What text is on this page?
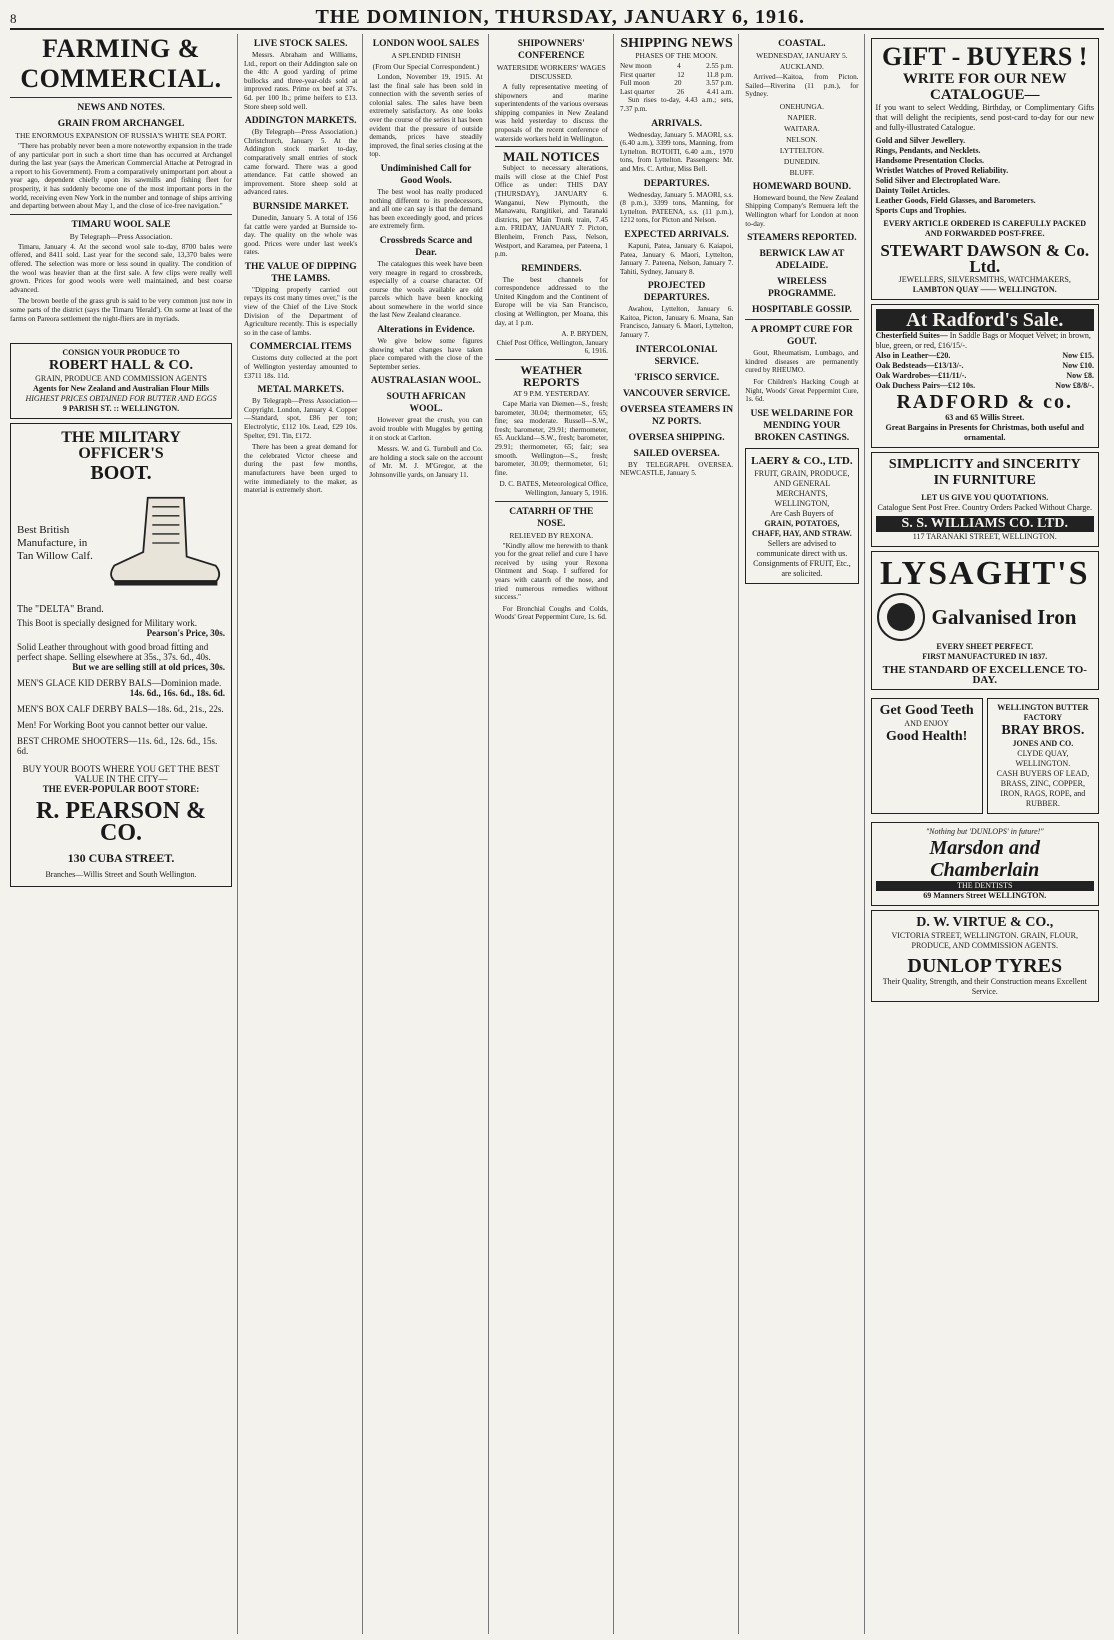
8	THE DOMINION, THURSDAY, JANUARY 6, 1916.
FARMING & COMMERCIAL.
NEWS AND NOTES.
GRAIN FROM ARCHANGEL
THE ENORMOUS EXPANSION OF RUSSIA'S WHITE SEA PORT.

"There has probably never been a more noteworthy expansion in the trade of any particular port in such a short time than has occurred at Archangel during the last year (says the American Commercial Attache at Petrograd in a report to his Government). From a comparatively unimportant port about a year ago, dependent chiefly upon its sawmills and fishing fleet for prosperity, it has suddenly become one of the most important ports in the world, receiving even New York in the number and tonnage of ships arriving and departing between about May 1, and the close of ice-free navigation."

TIMARU WOOL SALE
By Telegraph—Press Association.

Timaru, January 4. At the second wool sale to-day, 8700 bales were offered, and 8411 sold. Last year for the second sale, 13,370 bales were offered. The selection was more or less sound in quality. The condition of the wool was heavier than at the first sale. A few clips were really well grown. Prices for good wools were well maintained, and best coarse advanced.

The brown beetle of the grass grub is said to be very common just now in some parts of the district (says the Timaru 'Herald'). On some at least of the farms on Pareora settlement the night-fliers are in myriads.

CONSIGN YOUR PRODUCE TO
ROBERT HALL & CO.
GRAIN, PRODUCE AND COMMISSION AGENTS
Agents for New Zealand and Australian Flour Mills
HIGHEST PRICES OBTAINED FOR BUTTER AND EGGS
9 PARISH ST. :: WELLINGTON.
THE MILITARY OFFICER'S
BOOT.
Best British Manufacture, in Tan Willow Calf.
The "DELTA" Brand.
This Boot is specially designed for Military work.
Pearson's Price, 30s.
Solid Leather throughout with good broad fitting and perfect shape. Selling elsewhere at 35s., 37s. 6d., 40s.
But we are selling still at old prices, 30s.
MEN'S GLACE KID DERBY BALS—Dominion made.
14s. 6d., 16s. 6d., 18s. 6d.
MEN'S BOX CALF DERBY BALS—18s. 6d., 21s., 22s.
Men! For Working Boot you cannot better our value.
BEST CHROME SHOOTERS—11s. 6d., 12s. 6d., 15s. 6d.
BUY YOUR BOOTS WHERE YOU GET THE BEST VALUE IN THE CITY—
THE EVER-POPULAR BOOT STORE:
R. PEARSON & CO.
130 CUBA STREET.
Branches—Willis Street and South Wellington.
LIVE STOCK SALES.

Messrs. Abraham and Williams, Ltd., report on their Addington sale on the 4th: A good yarding of prime bullocks and three-year-olds sold at improved rates. Prime ox beef at 37s. 6d. per 100 lb.; prime heifers to £13. Store sheep sold well.

ADDINGTON MARKETS.

(By Telegraph—Press Association.) Christchurch, January 5. At the Addington stock market to-day, comparatively small entries of stock came forward. There was a good attendance. Fat cattle showed an improvement. Store sheep sold at advanced rates.

BURNSIDE MARKET.

Dunedin, January 5. A total of 156 fat cattle were yarded at Burnside to-day. The quality on the whole was good. Prices were under last week's rates.

THE VALUE OF DIPPING THE LAMBS.

"Dipping properly carried out repays its cost many times over," is the view of the Chief of the Live Stock Division of the Department of Agriculture recently. This is especially so in the case of lambs.

COMMERCIAL ITEMS

Customs duty collected at the port of Wellington yesterday amounted to £3711 18s. 11d.

METAL MARKETS.

By Telegraph—Press Association—Copyright. London, January 4. Copper—Standard, spot, £86 per ton; Electrolytic, £112 10s. Lead, £29 10s. Spelter, £91. Tin, £172.

There has been a great demand for the celebrated Victor cheese and during the past few months, manufacturers have been urged to write immediately to the maker, as material is extremely short.

LONDON WOOL SALES
A SPLENDID FINISH
(From Our Special Correspondent.)

London, November 19, 1915. At last the final sale has been sold in connection with the seventh series of colonial sales. The sales have been extremely satisfactory. As one looks over the course of the series it has been evident that the pressure of outside demands, prices have steadily improved, the final series closing at the top.

Undiminished Call for Good Wools.

The best wool has really produced nothing different to its predecessors, and all one can say is that the demand has been exceedingly good, and prices are extremely firm.

Crossbreds Scarce and Dear.

The catalogues this week have been very meagre in regard to crossbreds, especially of a coarse character. Of course the wools available are old parcels which have been knocking about somewhere in the world since the last New Zealand clearance.

Alterations in Evidence.

We give below some figures showing what changes have taken place compared with the close of the September series.

AUSTRALASIAN WOOL.
SOUTH AFRICAN WOOL.

However great the crush, you can avoid trouble with Muggles by getting it on stock at Carlton.

Messrs. W. and G. Turnbull and Co. are holding a stock sale on the account of Mr. M. J. M'Gregor, at the Johnsonville yards, on January 11.

SHIPOWNERS' CONFERENCE
WATERSIDE WORKERS' WAGES DISCUSSED.

A fully representative meeting of shipowners and marine superintendents of the various overseas shipping companies in New Zealand was held yesterday to discuss the proposals of the recent conference of waterside workers held in Wellington.

MAIL NOTICES

Subject to necessary alterations, mails will close at the Chief Post Office as under: THIS DAY (THURSDAY), JANUARY 6. Wanganui, New Plymouth, the Manawatu, Rangitikei, and Taranaki districts, per Main Trunk train, 7.45 a.m. FRIDAY, JANUARY 7. Picton, Blenheim, French Pass, Nelson, Westport, and Karamea, per Pateena, 1 p.m.

REMINDERS.

The best channels for correspondence addressed to the United Kingdom and the Continent of Europe will be via San Francisco, closing at Wellington, per Moana, this day, at 1 p.m.

A. P. BRYDEN,
Chief Post Office, Wellington, January 6, 1916.
WEATHER REPORTS
AT 9 P.M. YESTERDAY.

Cape Maria van Diemen—S., fresh; barometer, 30.04; thermometer, 65; fine; sea moderate. Russell—S.W., fresh; barometer, 29.91; thermometer, 65. Auckland—S.W., fresh; barometer, 29.91; thermometer, 65; fair; sea smooth. Wellington—S., fresh; barometer, 30.09; thermometer, 61; fine.

D. C. BATES, Meteorological Office, Wellington, January 5, 1916.
CATARRH OF THE NOSE.
RELIEVED BY REXONA.

"Kindly allow me herewith to thank you for the great relief and cure I have received by using your Rexona Ointment and Soap. I suffered for years with catarrh of the nose, and tried numerous remedies without success."

For Bronchial Coughs and Colds, Woods' Great Peppermint Cure, 1s. 6d.

SHIPPING NEWS
PHASES OF THE MOON.
New moon	4	2.55 p.m.
First quarter	12	11.8 p.m.
Full moon	20	3.57 p.m.
Last quarter	26	4.41 a.m.

Sun rises to-day, 4.43 a.m.; sets, 7.37 p.m.

ARRIVALS.

Wednesday, January 5. MAORI, s.s. (6.40 a.m.), 3399 tons, Manning, from Lyttelton. ROTOITI, 6.40 a.m., 1970 tons, from Lyttelton. Passengers: Mr. and Mrs. C. Arthur, Miss Bell.

DEPARTURES.

Wednesday, January 5. MAORI, s.s. (8 p.m.), 3399 tons, Manning, for Lyttelton. PATEENA, s.s. (11 p.m.), 1212 tons, for Picton and Nelson.

EXPECTED ARRIVALS.

Kapuni, Patea, January 6. Kaiapoi, Patea, January 6. Maori, Lyttelton, January 7. Pateena, Nelson, January 7. Tahiti, Sydney, January 8.

PROJECTED DEPARTURES.

Awahou, Lyttelton, January 6. Kaitoa, Picton, January 6. Moana, San Francisco, January 6. Maori, Lyttelton, January 7.

INTERCOLONIAL SERVICE.
'FRISCO SERVICE.
VANCOUVER SERVICE.
OVERSEA STEAMERS IN NZ PORTS.
OVERSEA SHIPPING.
SAILED OVERSEA.

BY TELEGRAPH. OVERSEA. NEWCASTLE, January 5.

COASTAL.
WEDNESDAY, JANUARY 5.
AUCKLAND.

Arrived—Kaitoa, from Picton. Sailed—Riverina (11 p.m.), for Sydney.

ONEHUNGA.
NAPIER.
WAITARA.
NELSON.
LYTTELTON.
DUNEDIN.
BLUFF.
HOMEWARD BOUND.

Homeward bound, the New Zealand Shipping Company's Remuera left the Wellington wharf for London at noon to-day.

STEAMERS REPORTED.
BERWICK LAW AT ADELAIDE.
WIRELESS PROGRAMME.
HOSPITABLE GOSSIP.
A PROMPT CURE FOR GOUT.

Gout, Rheumatism, Lumbago, and kindred diseases are permanently cured by RHEUMO.

For Children's Hacking Cough at Night, Woods' Great Peppermint Cure, 1s. 6d.

USE WELDARINE FOR MENDING YOUR BROKEN CASTINGS.
LAERY & CO., LTD.
FRUIT, GRAIN, PRODUCE, AND GENERAL MERCHANTS,
WELLINGTON,
Are Cash Buyers of
GRAIN, POTATOES, CHAFF, HAY, AND STRAW.
Sellers are advised to communicate direct with us.
Consignments of FRUIT, Etc., are solicited.
GIFT - BUYERS !
WRITE FOR OUR NEW CATALOGUE—

If you want to select Wedding, Birthday, or Complimentary Gifts that will delight the recipients, send post-card to-day for our new and fully-illustrated Catalogue.

Gold and Silver Jewellery.
Rings, Pendants, and Necklets.
Handsome Presentation Clocks.
Wristlet Watches of Proved Reliability.
Solid Silver and Electroplated Ware.
Dainty Toilet Articles.
Leather Goods, Field Glasses, and Barometers.
Sports Cups and Trophies.
EVERY ARTICLE ORDERED IS CAREFULLY PACKED AND FORWARDED POST-FREE.
STEWART DAWSON & Co. Ltd.
JEWELLERS, SILVERSMITHS, WATCHMAKERS,
LAMBTON QUAY —— WELLINGTON.
At Radford's Sale.
Chesterfield Suites— In Saddle Bags or Moquet Velvet; in brown, blue, green, or red, £16/15/-.
Also in Leather—£20.	Now £15.
Oak Bedsteads—£13/13/-.	Now £10.
Oak Wardrobes—£11/11/-.	Now £8.
Oak Duchess Pairs—£12 10s.	Now £8/8/-.
RADFORD & co.
63 and 65 Willis Street.
Great Bargains in Presents for Christmas, both useful and ornamental.
SIMPLICITY and SINCERITY
IN FURNITURE
LET US GIVE YOU QUOTATIONS.
Catalogue Sent Post Free. Country Orders Packed Without Charge.
S. S. WILLIAMS CO. LTD.
117 TARANAKI STREET, WELLINGTON.
LYSAGHT'S
Galvanised Iron
EVERY SHEET PERFECT.
FIRST MANUFACTURED IN 1837.
THE STANDARD OF EXCELLENCE TO-DAY.
Get Good Teeth
AND ENJOY
Good Health!
WELLINGTON BUTTER FACTORY
BRAY BROS.
JONES AND CO.
CLYDE QUAY, WELLINGTON.
CASH BUYERS OF LEAD, BRASS, ZINC, COPPER, IRON, RAGS, ROPE, and RUBBER.
"Nothing but 'DUNLOPS' in future!"
Marsdon and Chamberlain
THE DENTISTS
69 Manners Street WELLINGTON.
D. W. VIRTUE & CO.,
VICTORIA STREET, WELLINGTON. GRAIN, FLOUR, PRODUCE, AND COMMISSION AGENTS.
DUNLOP TYRES
Their Quality, Strength, and their Construction means Excellent Service.
